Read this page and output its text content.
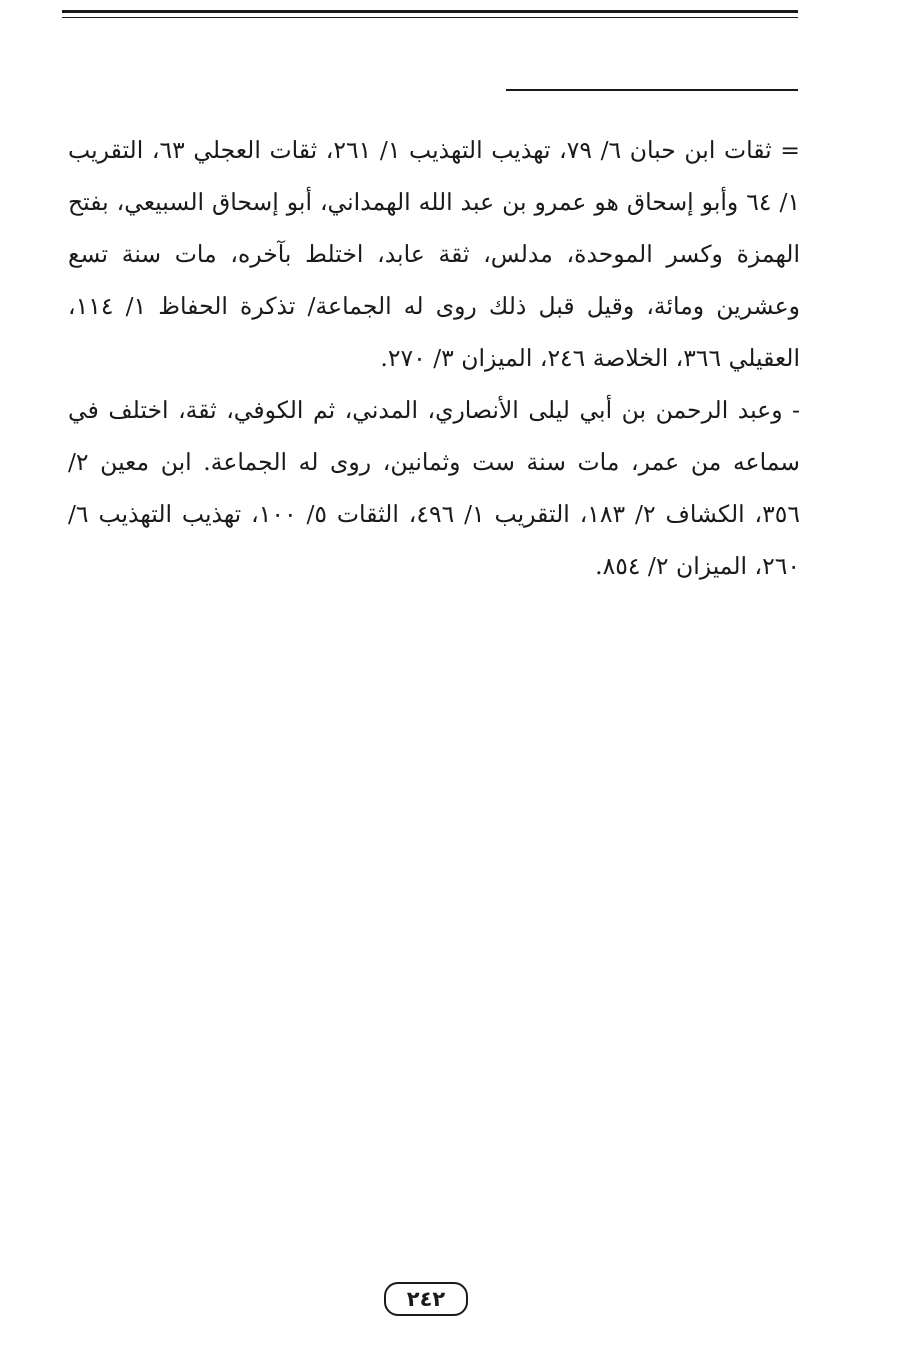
= ثقات ابن حبان ٦/ ٧٩، تهذيب التهذيب ١/ ٢٦١، ثقات العجلي ٦٣، التقريب ١/ ٦٤ وأبو إسحاق هو عمرو بن عبد الله الهمداني، أبو إسحاق السبيعي، بفتح الهمزة وكسر الموحدة، مدلس، ثقة عابد، اختلط بآخره، مات سنة تسع وعشرين ومائة، وقيل قبل ذلك روى له الجماعة/ تذكرة الحفاظ ١/ ١١٤، العقيلي ٣٦٦، الخلاصة ٢٤٦، الميزان ٣/ ٢٧٠.

- وعبد الرحمن بن أبي ليلى الأنصاري، المدني، ثم الكوفي، ثقة، اختلف في سماعه من عمر، مات سنة ست وثمانين، روى له الجماعة. ابن معين ٢/ ٣٥٦، الكشاف ٢/ ١٨٣، التقريب ١/ ٤٩٦، الثقات ٥/ ١٠٠، تهذيب التهذيب ٦/ ٢٦٠، الميزان ٢/ ٨٥٤.

٢٤٢
